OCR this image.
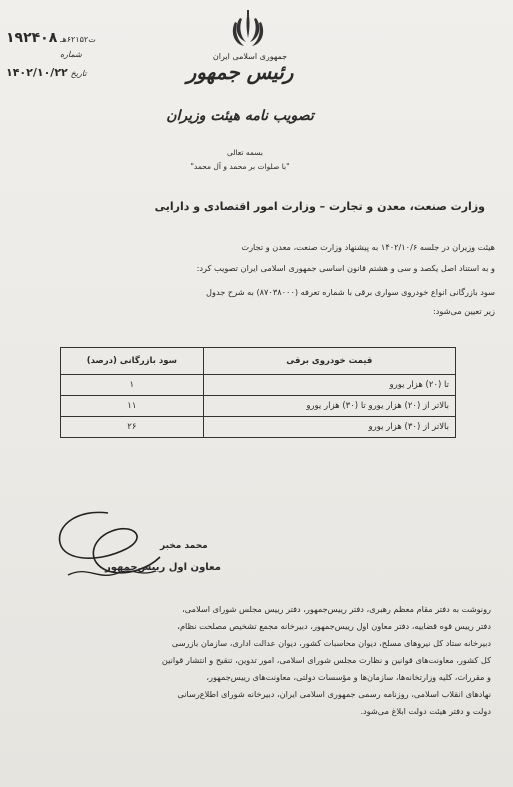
ت۶۲۱۵۲هـ ۱۹۲۴۰۸
شماره
۱۴۰۲/۱۰/۲۲ تاریخ
جمهوری اسلامی ایران
رئیس جمهور
تصویب نامه هیئت وزیران
بسمه تعالی
"با صلوات بر محمد و آل محمد"
وزارت صنعت، معدن و تجارت – وزارت امور اقتصادی و دارایی
هیئت وزیران در جلسه ۱۴۰۲/۱۰/۶ به پیشنهاد وزارت صنعت، معدن و تجارت
و به استناد اصل یکصد و سی و هشتم قانون اساسی جمهوری اسلامی ایران تصویب کرد:
سود بازرگانی انواع خودروی سواری برقی با شماره تعرفه (۸۷۰۳۸۰۰۰) به شرح جدول
زیر تعیین می‌شود:
قیمت خودروی برقی	سود بازرگانی (درصد)
تا (۲۰) هزار یورو	۱
بالاتر از (۲۰) هزار یورو تا (۳۰) هزار یورو	۱۱
بالاتر از (۳۰) هزار یورو	۲۶
محمد مخبر
معاون اول رییس‌جمهور
رونوشت به دفتر مقام معظم رهبری، دفتر رییس‌جمهور، دفتر رییس مجلس شورای اسلامی،
دفتر رییس قوه قضاییه، دفتر معاون اول رییس‌جمهور، دبیرخانه مجمع تشخیص مصلحت نظام،
دبیرخانه ستاد کل نیروهای مسلح، دیوان محاسبات کشور، دیوان عدالت اداری، سازمان بازرسی
کل کشور، معاونت‌های قوانین و نظارت مجلس شورای اسلامی، امور تدوین، تنقیح و انتشار قوانین
و مقررات، کلیه وزارتخانه‌ها، سازمان‌ها و مؤسسات دولتی، معاونت‌های رییس‌جمهور،
نهادهای انقلاب اسلامی، روزنامه رسمی جمهوری اسلامی ایران، دبیرخانه شورای اطلاع‌رسانی
دولت و دفتر هیئت دولت ابلاغ می‌شود.
